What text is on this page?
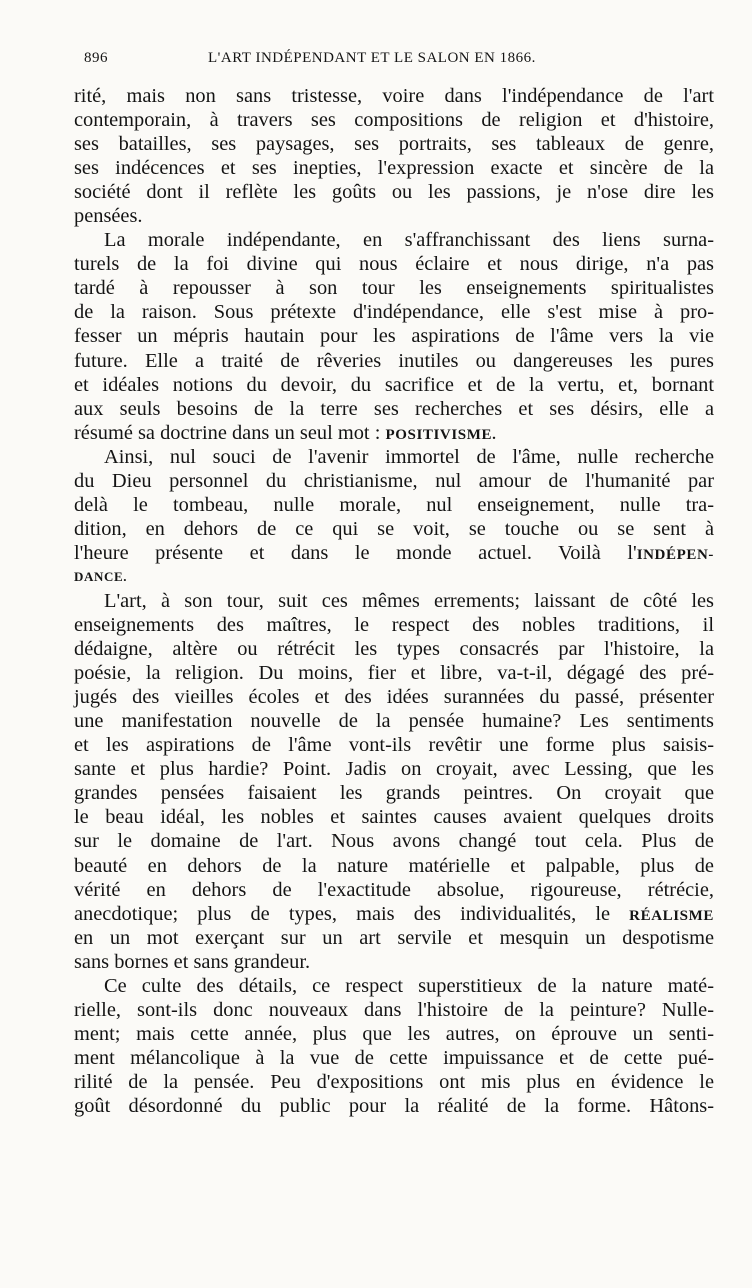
896	L'ART INDÉPENDANT ET LE SALON EN 1866.
rité, mais non sans tristesse, voire dans l'indépendance de l'art
contemporain, à travers ses compositions de religion et d'histoire,
ses batailles, ses paysages, ses portraits, ses tableaux de genre,
ses indécences et ses inepties, l'expression exacte et sincère de la
société dont il reflète les goûts ou les passions, je n'ose dire les
pensées.
La morale indépendante, en s'affranchissant des liens surna-
turels de la foi divine qui nous éclaire et nous dirige, n'a pas
tardé à repousser à son tour les enseignements spiritualistes
de la raison. Sous prétexte d'indépendance, elle s'est mise à pro-
fesser un mépris hautain pour les aspirations de l'âme vers la vie
future. Elle a traité de rêveries inutiles ou dangereuses les pures
et idéales notions du devoir, du sacrifice et de la vertu, et, bornant
aux seuls besoins de la terre ses recherches et ses désirs, elle a
résumé sa doctrine dans un seul mot : POSITIVISME.
Ainsi, nul souci de l'avenir immortel de l'âme, nulle recherche
du Dieu personnel du christianisme, nul amour de l'humanité par
delà le tombeau, nulle morale, nul enseignement, nulle tra-
dition, en dehors de ce qui se voit, se touche ou se sent à
l'heure présente et dans le monde actuel. Voilà l'INDÉPEN-
DANCE.
L'art, à son tour, suit ces mêmes errements; laissant de côté les
enseignements des maîtres, le respect des nobles traditions, il
dédaigne, altère ou rétrécit les types consacrés par l'histoire, la
poésie, la religion. Du moins, fier et libre, va-t-il, dégagé des pré-
jugés des vieilles écoles et des idées surannées du passé, présenter
une manifestation nouvelle de la pensée humaine? Les sentiments
et les aspirations de l'âme vont-ils revêtir une forme plus saisis-
sante et plus hardie? Point. Jadis on croyait, avec Lessing, que les
grandes pensées faisaient les grands peintres. On croyait que
le beau idéal, les nobles et saintes causes avaient quelques droits
sur le domaine de l'art. Nous avons changé tout cela. Plus de
beauté en dehors de la nature matérielle et palpable, plus de
vérité en dehors de l'exactitude absolue, rigoureuse, rétrécie,
anecdotique; plus de types, mais des individualités, le RÉALISME
en un mot exerçant sur un art servile et mesquin un despotisme
sans bornes et sans grandeur.
Ce culte des détails, ce respect superstitieux de la nature maté-
rielle, sont-ils donc nouveaux dans l'histoire de la peinture? Nulle-
ment; mais cette année, plus que les autres, on éprouve un senti-
ment mélancolique à la vue de cette impuissance et de cette pué-
rilité de la pensée. Peu d'expositions ont mis plus en évidence le
goût désordonné du public pour la réalité de la forme. Hâtons-
